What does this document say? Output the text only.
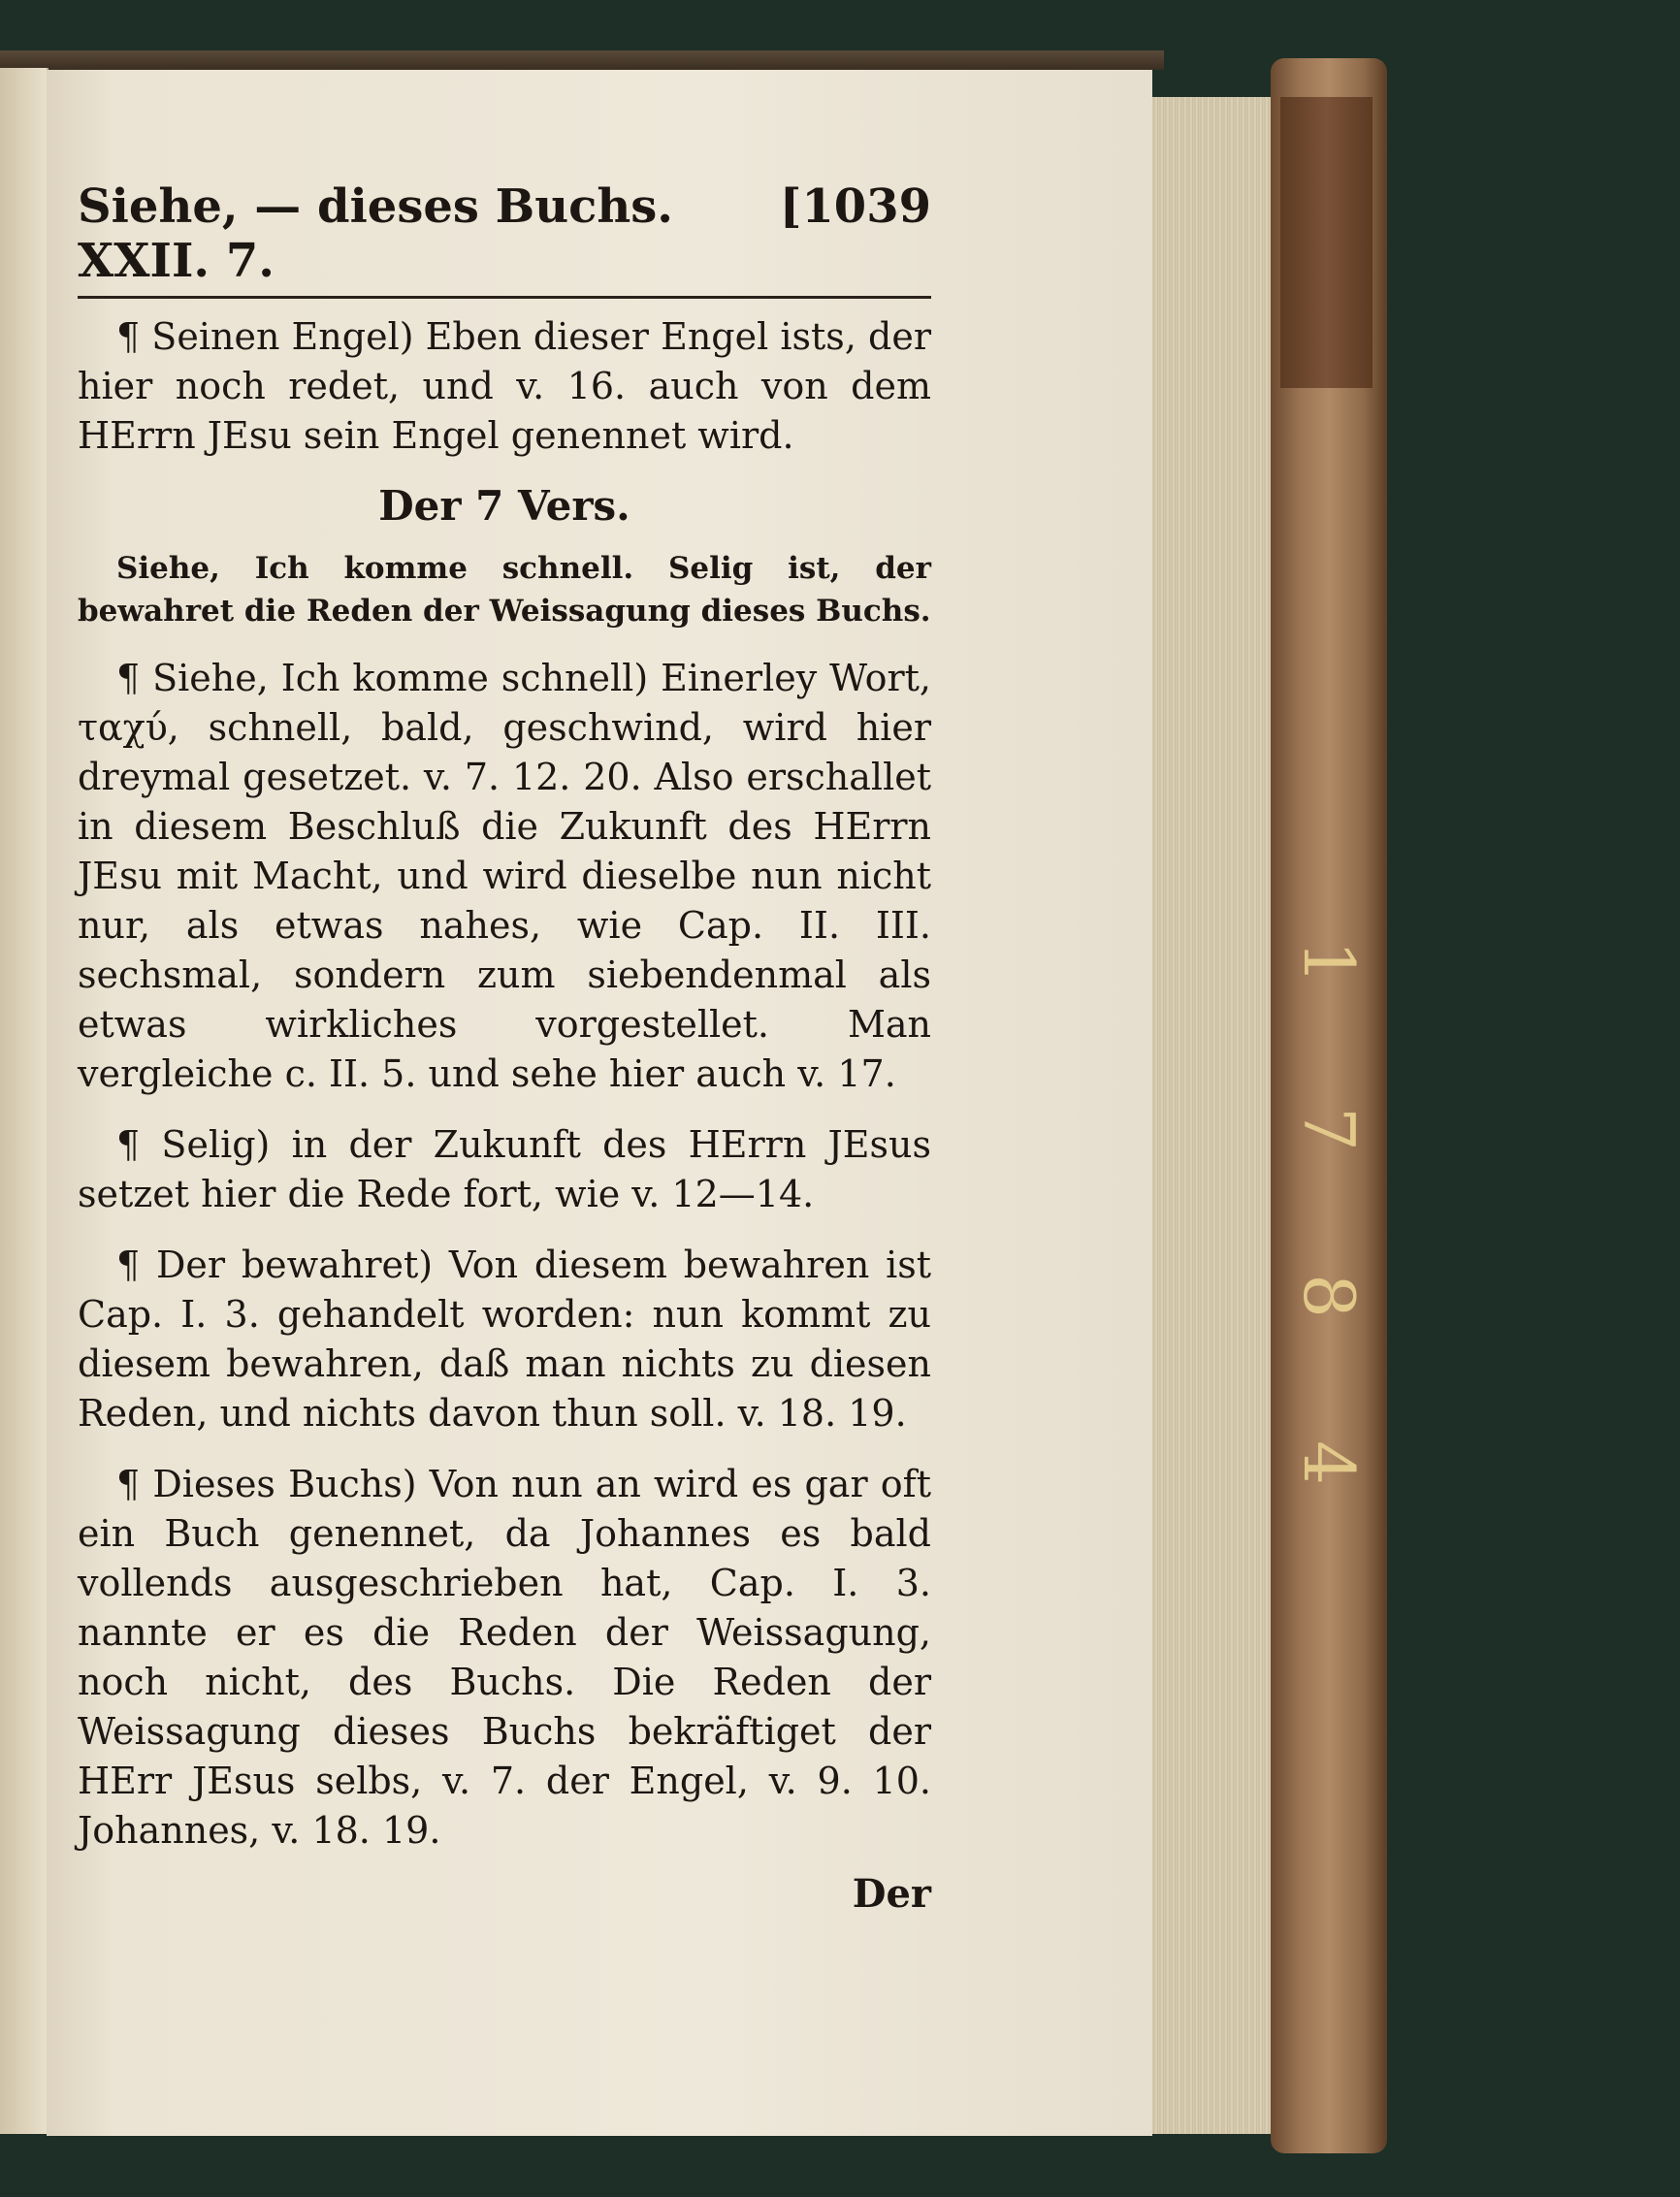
1
7
8
4
Siehe, — dieses Buchs. XXII. 7.
[1039

¶ Seinen Engel) Eben dieser Engel ists, der hier noch redet, und v. 16. auch von dem HErrn JEsu sein Engel genennet wird.

Der 7 Vers.

Siehe, Ich komme schnell. Selig ist, der bewahret die Reden der Weissagung dieses Buchs.

¶ Siehe, Ich komme schnell) Einerley Wort, ταχύ, schnell, bald, geschwind, wird hier dreymal gesetzet. v. 7. 12. 20. Also erschallet in diesem Beschluß die Zukunft des HErrn JEsu mit Macht, und wird dieselbe nun nicht nur, als etwas nahes, wie Cap. II. III. sechsmal, sondern zum siebendenmal als etwas wirkliches vorgestellet. Man vergleiche c. II. 5. und sehe hier auch v. 17.

¶ Selig) in der Zukunft des HErrn JEsus setzet hier die Rede fort, wie v. 12—14.

¶ Der bewahret) Von diesem bewahren ist Cap. I. 3. gehandelt worden: nun kommt zu diesem bewahren, daß man nichts zu diesen Reden, und nichts davon thun soll. v. 18. 19.

¶ Dieses Buchs) Von nun an wird es gar oft ein Buch genennet, da Johannes es bald vollends ausgeschrieben hat, Cap. I. 3. nannte er es die Reden der Weissagung, noch nicht, des Buchs. Die Reden der Weissagung dieses Buchs bekräftiget der HErr JEsus selbs, v. 7. der Engel, v. 9. 10. Johannes, v. 18. 19.

Der
